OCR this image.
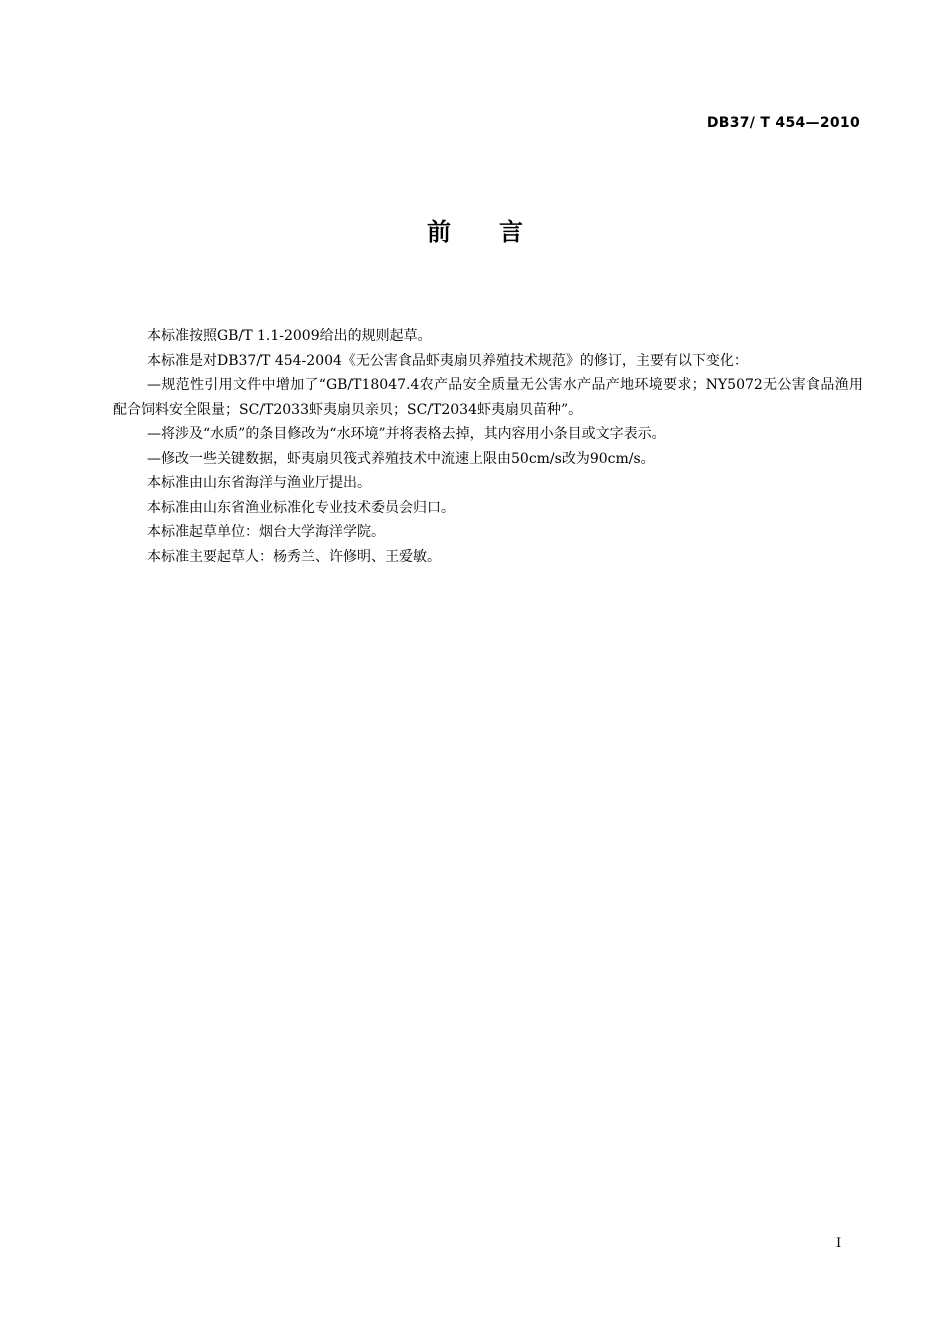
DB37/ T 454—2010
前 言

本标准按照GB/T 1.1-2009给出的规则起草。

本标准是对DB37/T 454-2004《无公害食品虾夷扇贝养殖技术规范》的修订，主要有以下变化：

—规范性引用文件中增加了“GB/T18047.4农产品安全质量无公害水产品产地环境要求；NY5072无公害食品渔用配合饲料安全限量；SC/T2033虾夷扇贝亲贝；SC/T2034虾夷扇贝苗种”。

—将涉及“水质”的条目修改为“水环境”并将表格去掉，其内容用小条目或文字表示。

—修改一些关键数据，虾夷扇贝筏式养殖技术中流速上限由50cm/s改为90cm/s。

本标准由山东省海洋与渔业厅提出。

本标准由山东省渔业标准化专业技术委员会归口。

本标准起草单位：烟台大学海洋学院。

本标准主要起草人：杨秀兰、许修明、王爱敏。

I
